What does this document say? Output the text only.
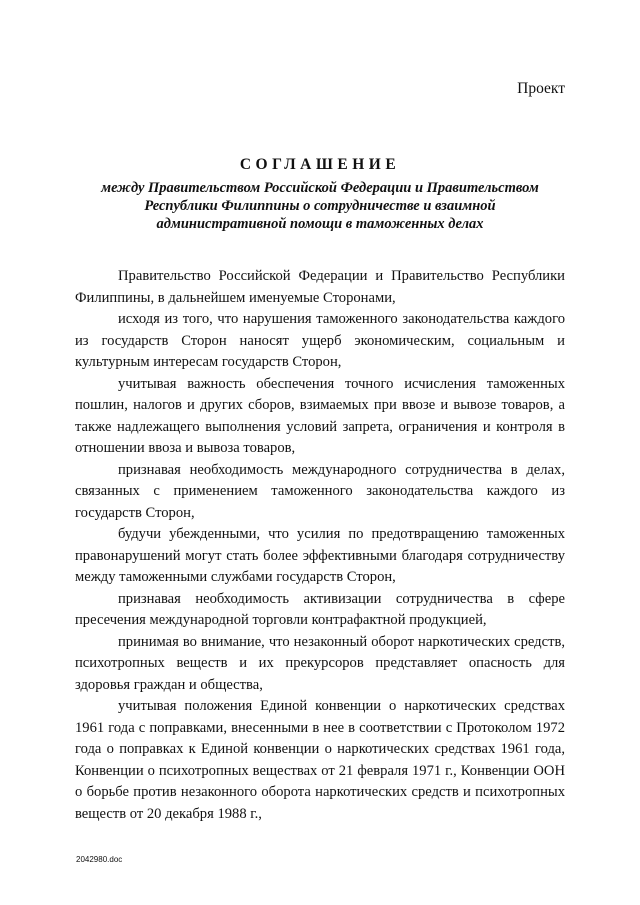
Проект
СОГЛАШЕНИЕ
между Правительством Российской Федерации и Правительством Республики Филиппины о сотрудничестве и взаимной административной помощи в таможенных делах

Правительство Российской Федерации и Правительство Республики Филиппины, в дальнейшем именуемые Сторонами,

исходя из того, что нарушения таможенного законодательства каждого из государств Сторон наносят ущерб экономическим, социальным и культурным интересам государств Сторон,

учитывая важность обеспечения точного исчисления таможенных пошлин, налогов и других сборов, взимаемых при ввозе и вывозе товаров, а также надлежащего выполнения условий запрета, ограничения и контроля в отношении ввоза и вывоза товаров,

признавая необходимость международного сотрудничества в делах, связанных с применением таможенного законодательства каждого из государств Сторон,

будучи убежденными, что усилия по предотвращению таможенных правонарушений могут стать более эффективными благодаря сотрудничеству между таможенными службами государств Сторон,

признавая необходимость активизации сотрудничества в сфере пресечения международной торговли контрафактной продукцией,

принимая во внимание, что незаконный оборот наркотических средств, психотропных веществ и их прекурсоров представляет опасность для здоровья граждан и общества,

учитывая положения Единой конвенции о наркотических средствах 1961 года с поправками, внесенными в нее в соответствии с Протоколом 1972 года о поправках к Единой конвенции о наркотических средствах 1961 года, Конвенции о психотропных веществах от 21 февраля 1971 г., Конвенции ООН о борьбе против незаконного оборота наркотических средств и психотропных веществ от 20 декабря 1988 г.,

2042980.doc
